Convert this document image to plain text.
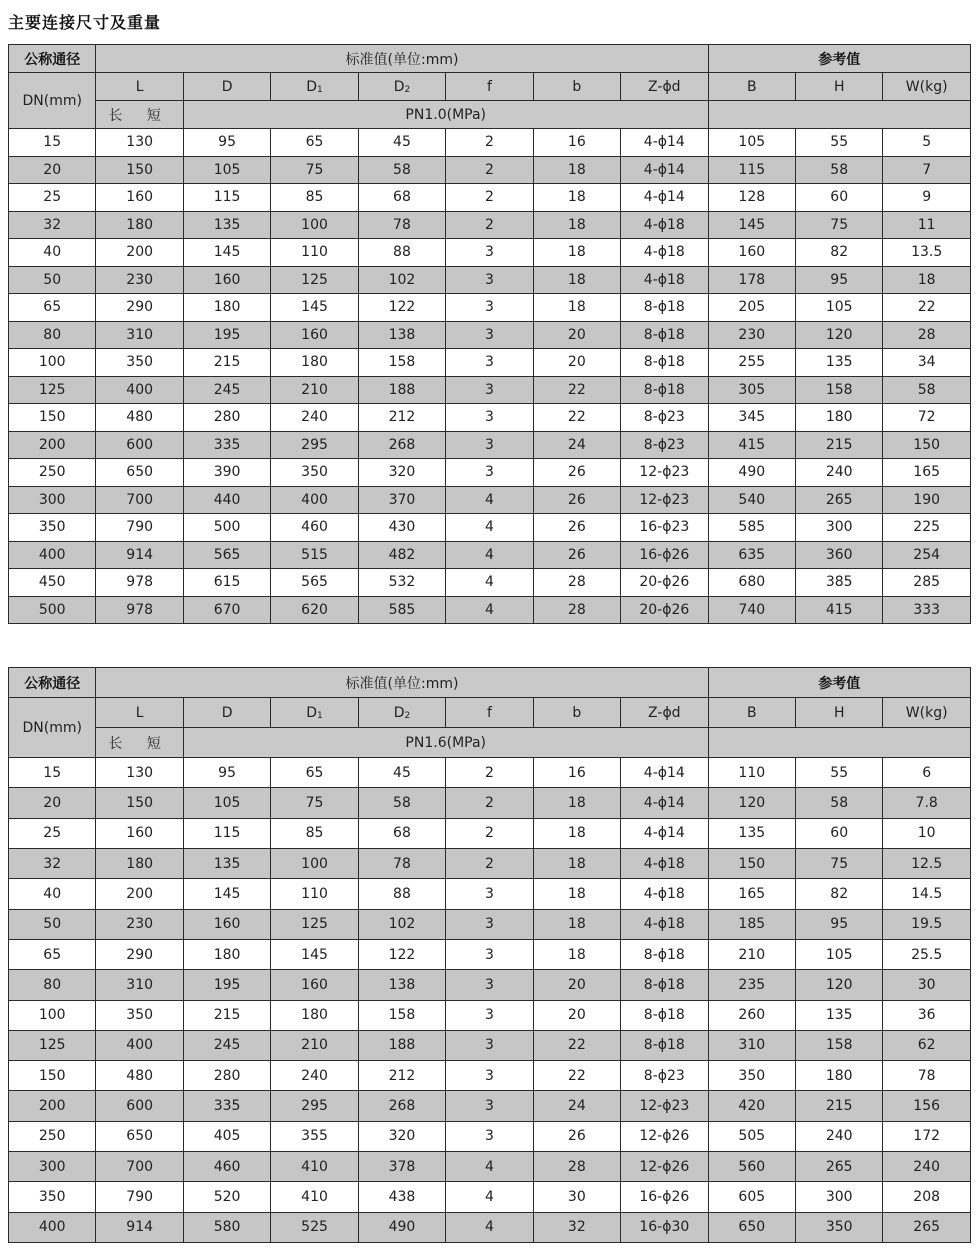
主要连接尺寸及重量
公称通径	标准值(单位:mm)							参考值		
DN(mm)	L	D	D1	D2	f	b	Z-ϕd	B	H	W(kg)
	长 短	PN1.0(MPa)								
15	130	95	65	45	2	16	4-ϕ14	105	55	5
20	150	105	75	58	2	18	4-ϕ14	115	58	7
25	160	115	85	68	2	18	4-ϕ14	128	60	9
32	180	135	100	78	2	18	4-ϕ18	145	75	11
40	200	145	110	88	3	18	4-ϕ18	160	82	13.5
50	230	160	125	102	3	18	4-ϕ18	178	95	18
65	290	180	145	122	3	18	8-ϕ18	205	105	22
80	310	195	160	138	3	20	8-ϕ18	230	120	28
100	350	215	180	158	3	20	8-ϕ18	255	135	34
125	400	245	210	188	3	22	8-ϕ18	305	158	58
150	480	280	240	212	3	22	8-ϕ23	345	180	72
200	600	335	295	268	3	24	8-ϕ23	415	215	150
250	650	390	350	320	3	26	12-ϕ23	490	240	165
300	700	440	400	370	4	26	12-ϕ23	540	265	190
350	790	500	460	430	4	26	16-ϕ23	585	300	225
400	914	565	515	482	4	26	16-ϕ26	635	360	254
450	978	615	565	532	4	28	20-ϕ26	680	385	285
500	978	670	620	585	4	28	20-ϕ26	740	415	333
公称通径	标准值(单位:mm)							参考值		
DN(mm)	L	D	D1	D2	f	b	Z-ϕd	B	H	W(kg)
	长 短	PN1.6(MPa)								
15	130	95	65	45	2	16	4-ϕ14	110	55	6
20	150	105	75	58	2	18	4-ϕ14	120	58	7.8
25	160	115	85	68	2	18	4-ϕ14	135	60	10
32	180	135	100	78	2	18	4-ϕ18	150	75	12.5
40	200	145	110	88	3	18	4-ϕ18	165	82	14.5
50	230	160	125	102	3	18	4-ϕ18	185	95	19.5
65	290	180	145	122	3	18	8-ϕ18	210	105	25.5
80	310	195	160	138	3	20	8-ϕ18	235	120	30
100	350	215	180	158	3	20	8-ϕ18	260	135	36
125	400	245	210	188	3	22	8-ϕ18	310	158	62
150	480	280	240	212	3	22	8-ϕ23	350	180	78
200	600	335	295	268	3	24	12-ϕ23	420	215	156
250	650	405	355	320	3	26	12-ϕ26	505	240	172
300	700	460	410	378	4	28	12-ϕ26	560	265	240
350	790	520	410	438	4	30	16-ϕ26	605	300	208
400	914	580	525	490	4	32	16-ϕ30	650	350	265
